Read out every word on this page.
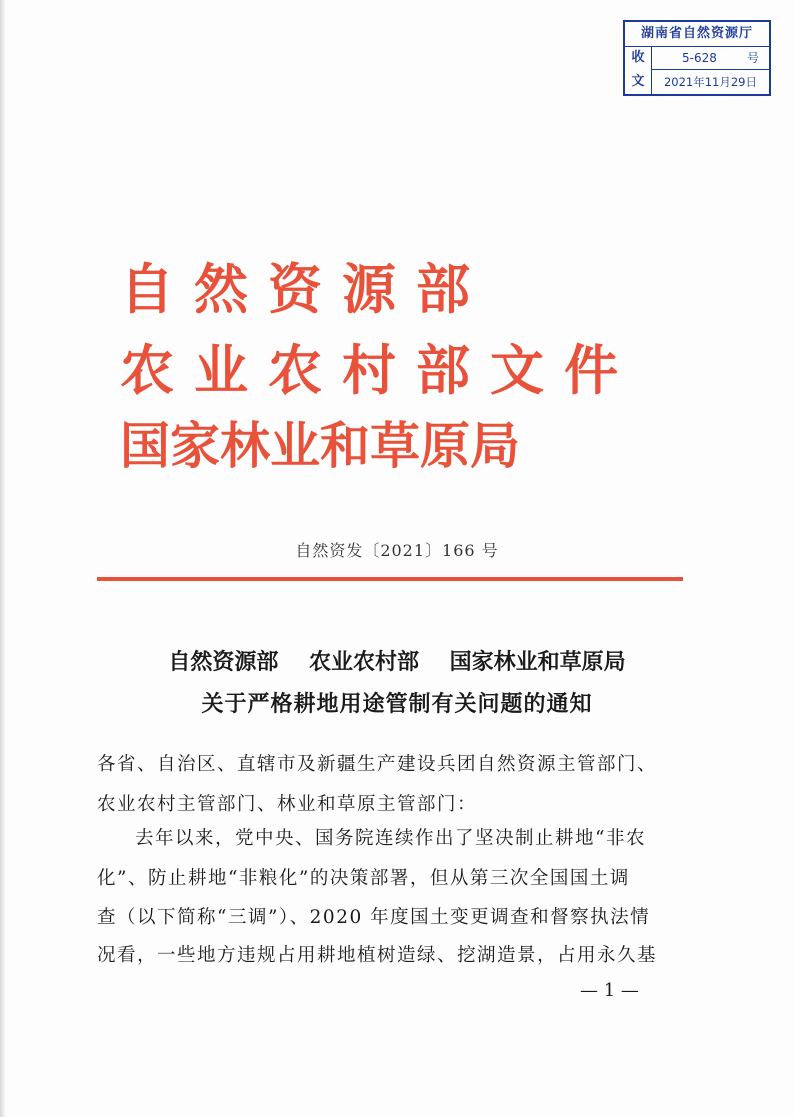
湖南省自然资源厅
收
文
5-628	号
2021年11月29日
自然资源部
农业农村部文件
国家林业和草原局
自然资发〔2021〕166 号
自然资源部    农业农村部    国家林业和草原局
关于严格耕地用途管制有关问题的通知
各省、自治区、直辖市及新疆生产建设兵团自然资源主管部门、
农业农村主管部门、林业和草原主管部门：
去年以来，党中央、国务院连续作出了坚决制止耕地“非农
化”、防止耕地“非粮化”的决策部署，但从第三次全国国土调
查（以下简称“三调”）、2020 年度国土变更调查和督察执法情
况看，一些地方违规占用耕地植树造绿、挖湖造景，占用永久基
— 1 —
